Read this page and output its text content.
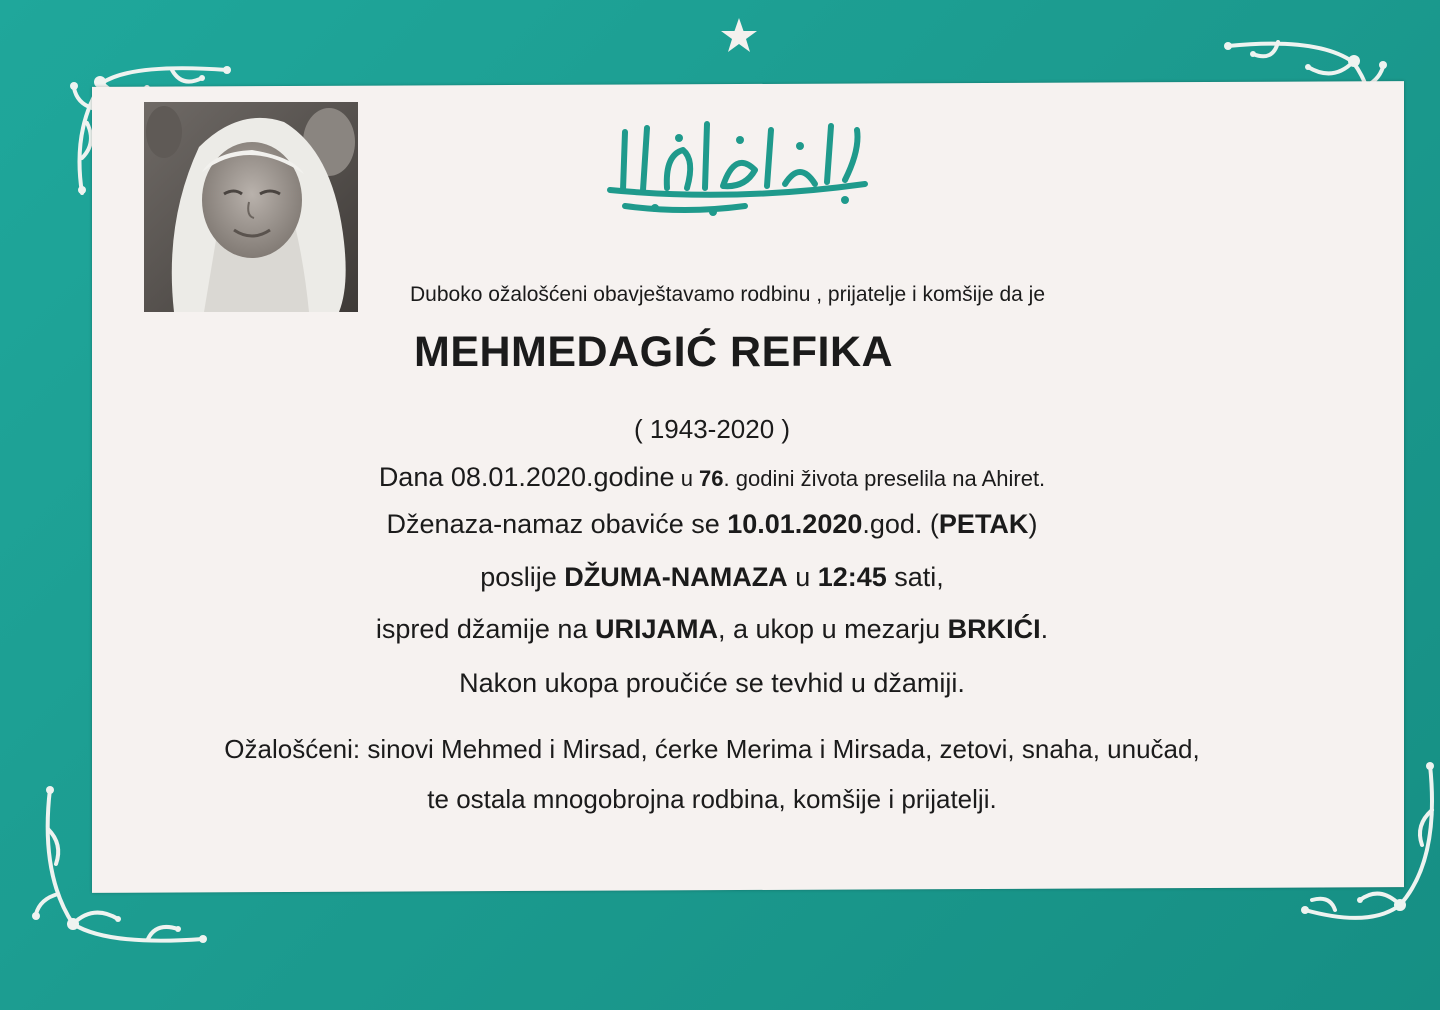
Duboko ožalošćeni obavještavamo rodbinu , prijatelje i komšije da je
MEHMEDAGIĆ REFIKA
( 1943-2020 )
Dana 08.01.2020.godine u 76. godini života preselila na Ahiret.
Dženaza-namaz obaviće se 10.01.2020.god. (PETAK)
poslije DŽUMA-NAMAZA u 12:45 sati,
ispred džamije na URIJAMA, a ukop u mezarju BRKIĆI.
Nakon ukopa proučiće se tevhid u džamiji.
Ožalošćeni: sinovi Mehmed i Mirsad, ćerke Merima i Mirsada, zetovi, snaha, unučad,
te ostala mnogobrojna rodbina, komšije i prijatelji.
